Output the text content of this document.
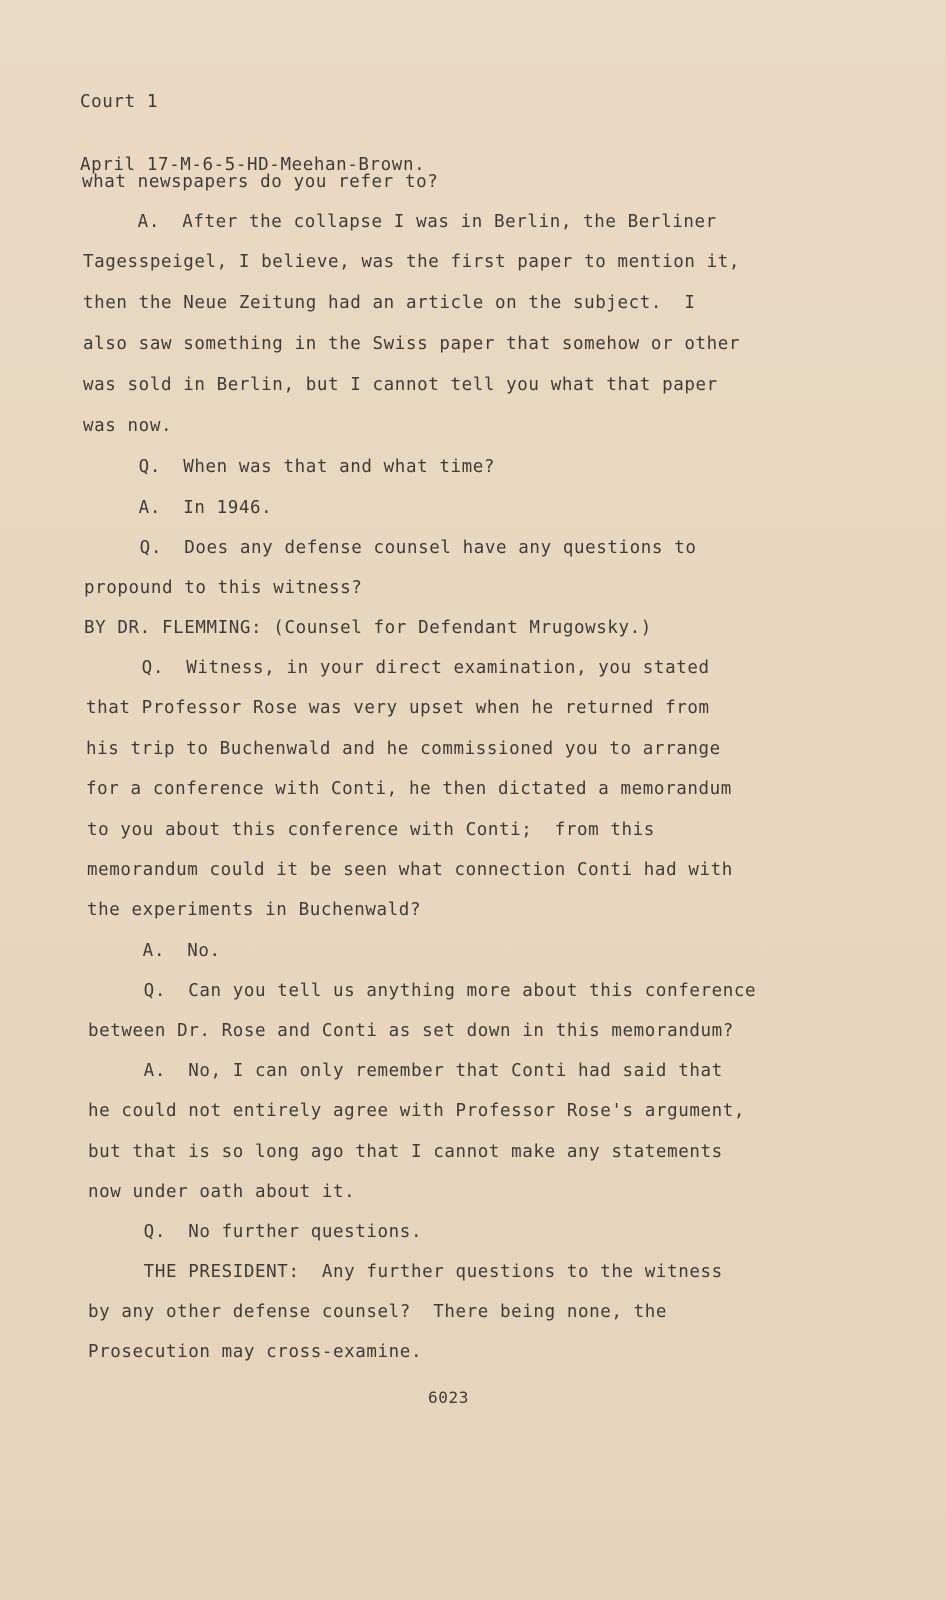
Court 1

April 17-M-6-5-HD-Meehan-Brown.

what newspapers do you refer to?
A.  After the collapse I was in Berlin, the Berliner
Tagesspeigel, I believe, was the first paper to mention it,
then the Neue Zeitung had an article on the subject.  I
also saw something in the Swiss paper that somehow or other
was sold in Berlin, but I cannot tell you what that paper
was now.
Q.  When was that and what time?
A.  In 1946.
Q.  Does any defense counsel have any questions to
propound to this witness?
BY DR. FLEMMING: (Counsel for Defendant Mrugowsky.)
Q.  Witness, in your direct examination, you stated
that Professor Rose was very upset when he returned from
his trip to Buchenwald and he commissioned you to arrange
for a conference with Conti, he then dictated a memorandum
to you about this conference with Conti;  from this
memorandum could it be seen what connection Conti had with
the experiments in Buchenwald?
A.  No.
Q.  Can you tell us anything more about this conference
between Dr. Rose and Conti as set down in this memorandum?
A.  No, I can only remember that Conti had said that
he could not entirely agree with Professor Rose's argument,
but that is so long ago that I cannot make any statements
now under oath about it.
Q.  No further questions.
THE PRESIDENT:  Any further questions to the witness
by any other defense counsel?  There being none, the
Prosecution may cross-examine.
6023
